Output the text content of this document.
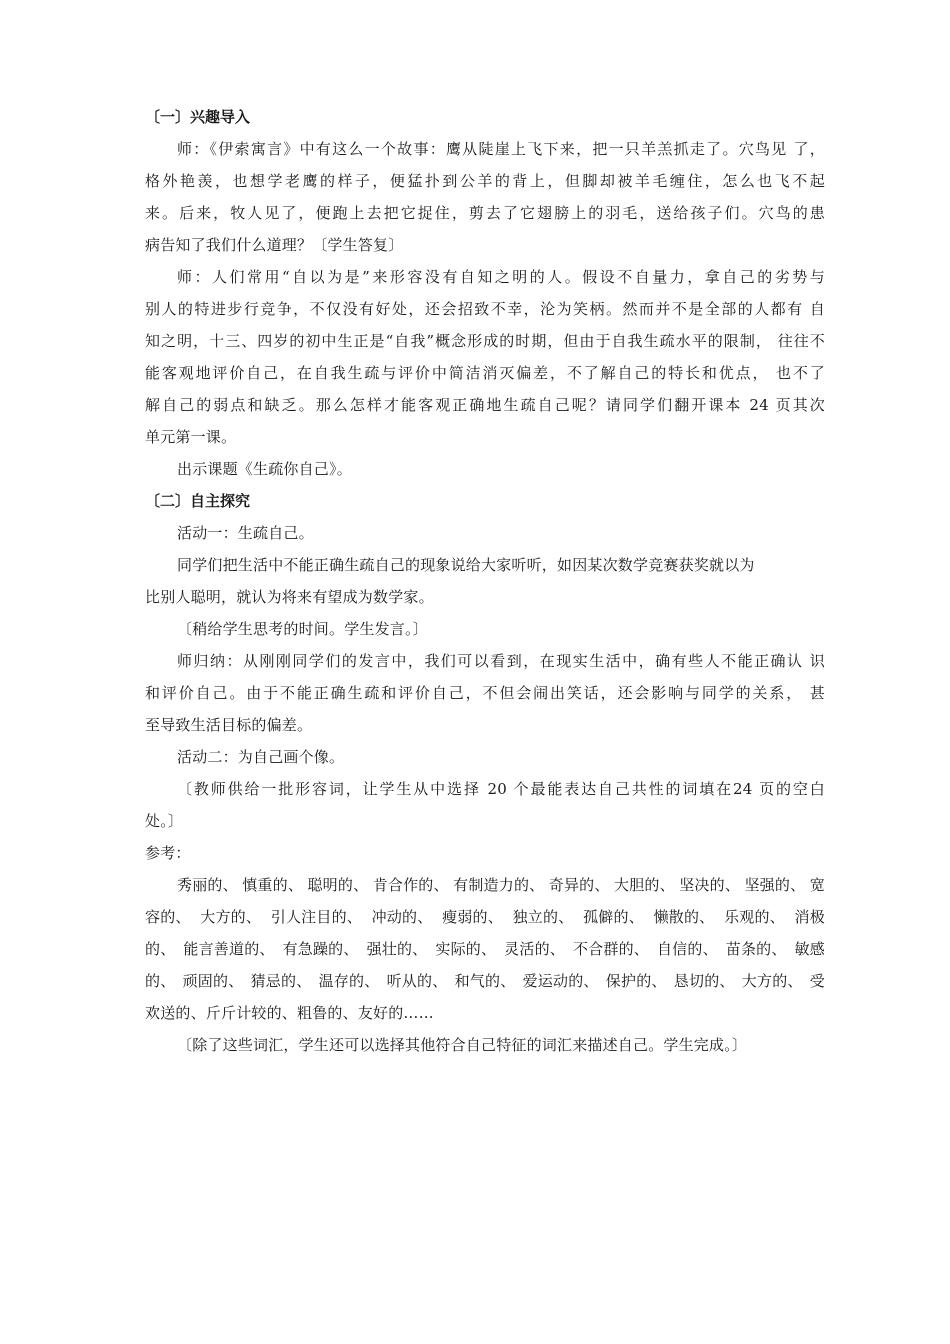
〔一〕兴趣导入
师：《伊索寓言》中有这么一个故事：鹰从陡崖上飞下来，把一只羊羔抓走了。穴鸟见 了，
格外艳羡，也想学老鹰的样子，便猛扑到公羊的背上，但脚却被羊毛缠住，怎么也飞不起
来。后来，牧人见了，便跑上去把它捉住，剪去了它翅膀上的羽毛，送给孩子们。穴鸟的患
病告知了我们什么道理？〔学生答复〕
师：人们常用“自以为是”来形容没有自知之明的人。假设不自量力，拿自己的劣势与
别人的特进步行竞争，不仅没有好处，还会招致不幸，沦为笑柄。然而并不是全部的人都有 自
知之明，十三、四岁的初中生正是“自我”概念形成的时期，但由于自我生疏水平的限制， 往往不
能客观地评价自己，在自我生疏与评价中简洁消灭偏差，不了解自己的特长和优点， 也不了
解自己的弱点和缺乏。那么怎样才能客观正确地生疏自己呢？请同学们翻开课本 24 页其次
单元第一课。
出示课题《生疏你自己》。
〔二〕自主探究
活动一：生疏自己。
同学们把生活中不能正确生疏自己的现象说给大家听听，如因某次数学竞赛获奖就以为
比别人聪明，就认为将来有望成为数学家。
〔稍给学生思考的时间。学生发言。〕
师归纳：从刚刚同学们的发言中，我们可以看到，在现实生活中，确有些人不能正确认 识
和评价自己。由于不能正确生疏和评价自己，不但会闹出笑话，还会影响与同学的关系， 甚
至导致生活目标的偏差。
活动二：为自己画个像。
〔教师供给一批形容词，让学生从中选择 20 个最能表达自己共性的词填在24 页的空白
处。〕
参考：
秀丽的、 慎重的、 聪明的、 肯合作的、 有制造力的、 奇异的、 大胆的、 坚决的、 坚强的、 宽
容的、 大方的、 引人注目的、 冲动的、 瘦弱的、 独立的、 孤僻的、 懒散的、 乐观的、 消极
的、 能言善道的、 有急躁的、 强壮的、 实际的、 灵活的、 不合群的、 自信的、 苗条的、 敏感
的、 顽固的、 猜忌的、 温存的、 听从的、 和气的、 爱运动的、 保护的、 恳切的、 大方的、 受
欢送的、斤斤计较的、粗鲁的、友好的……
〔除了这些词汇，学生还可以选择其他符合自己特征的词汇来描述自己。学生完成。〕
